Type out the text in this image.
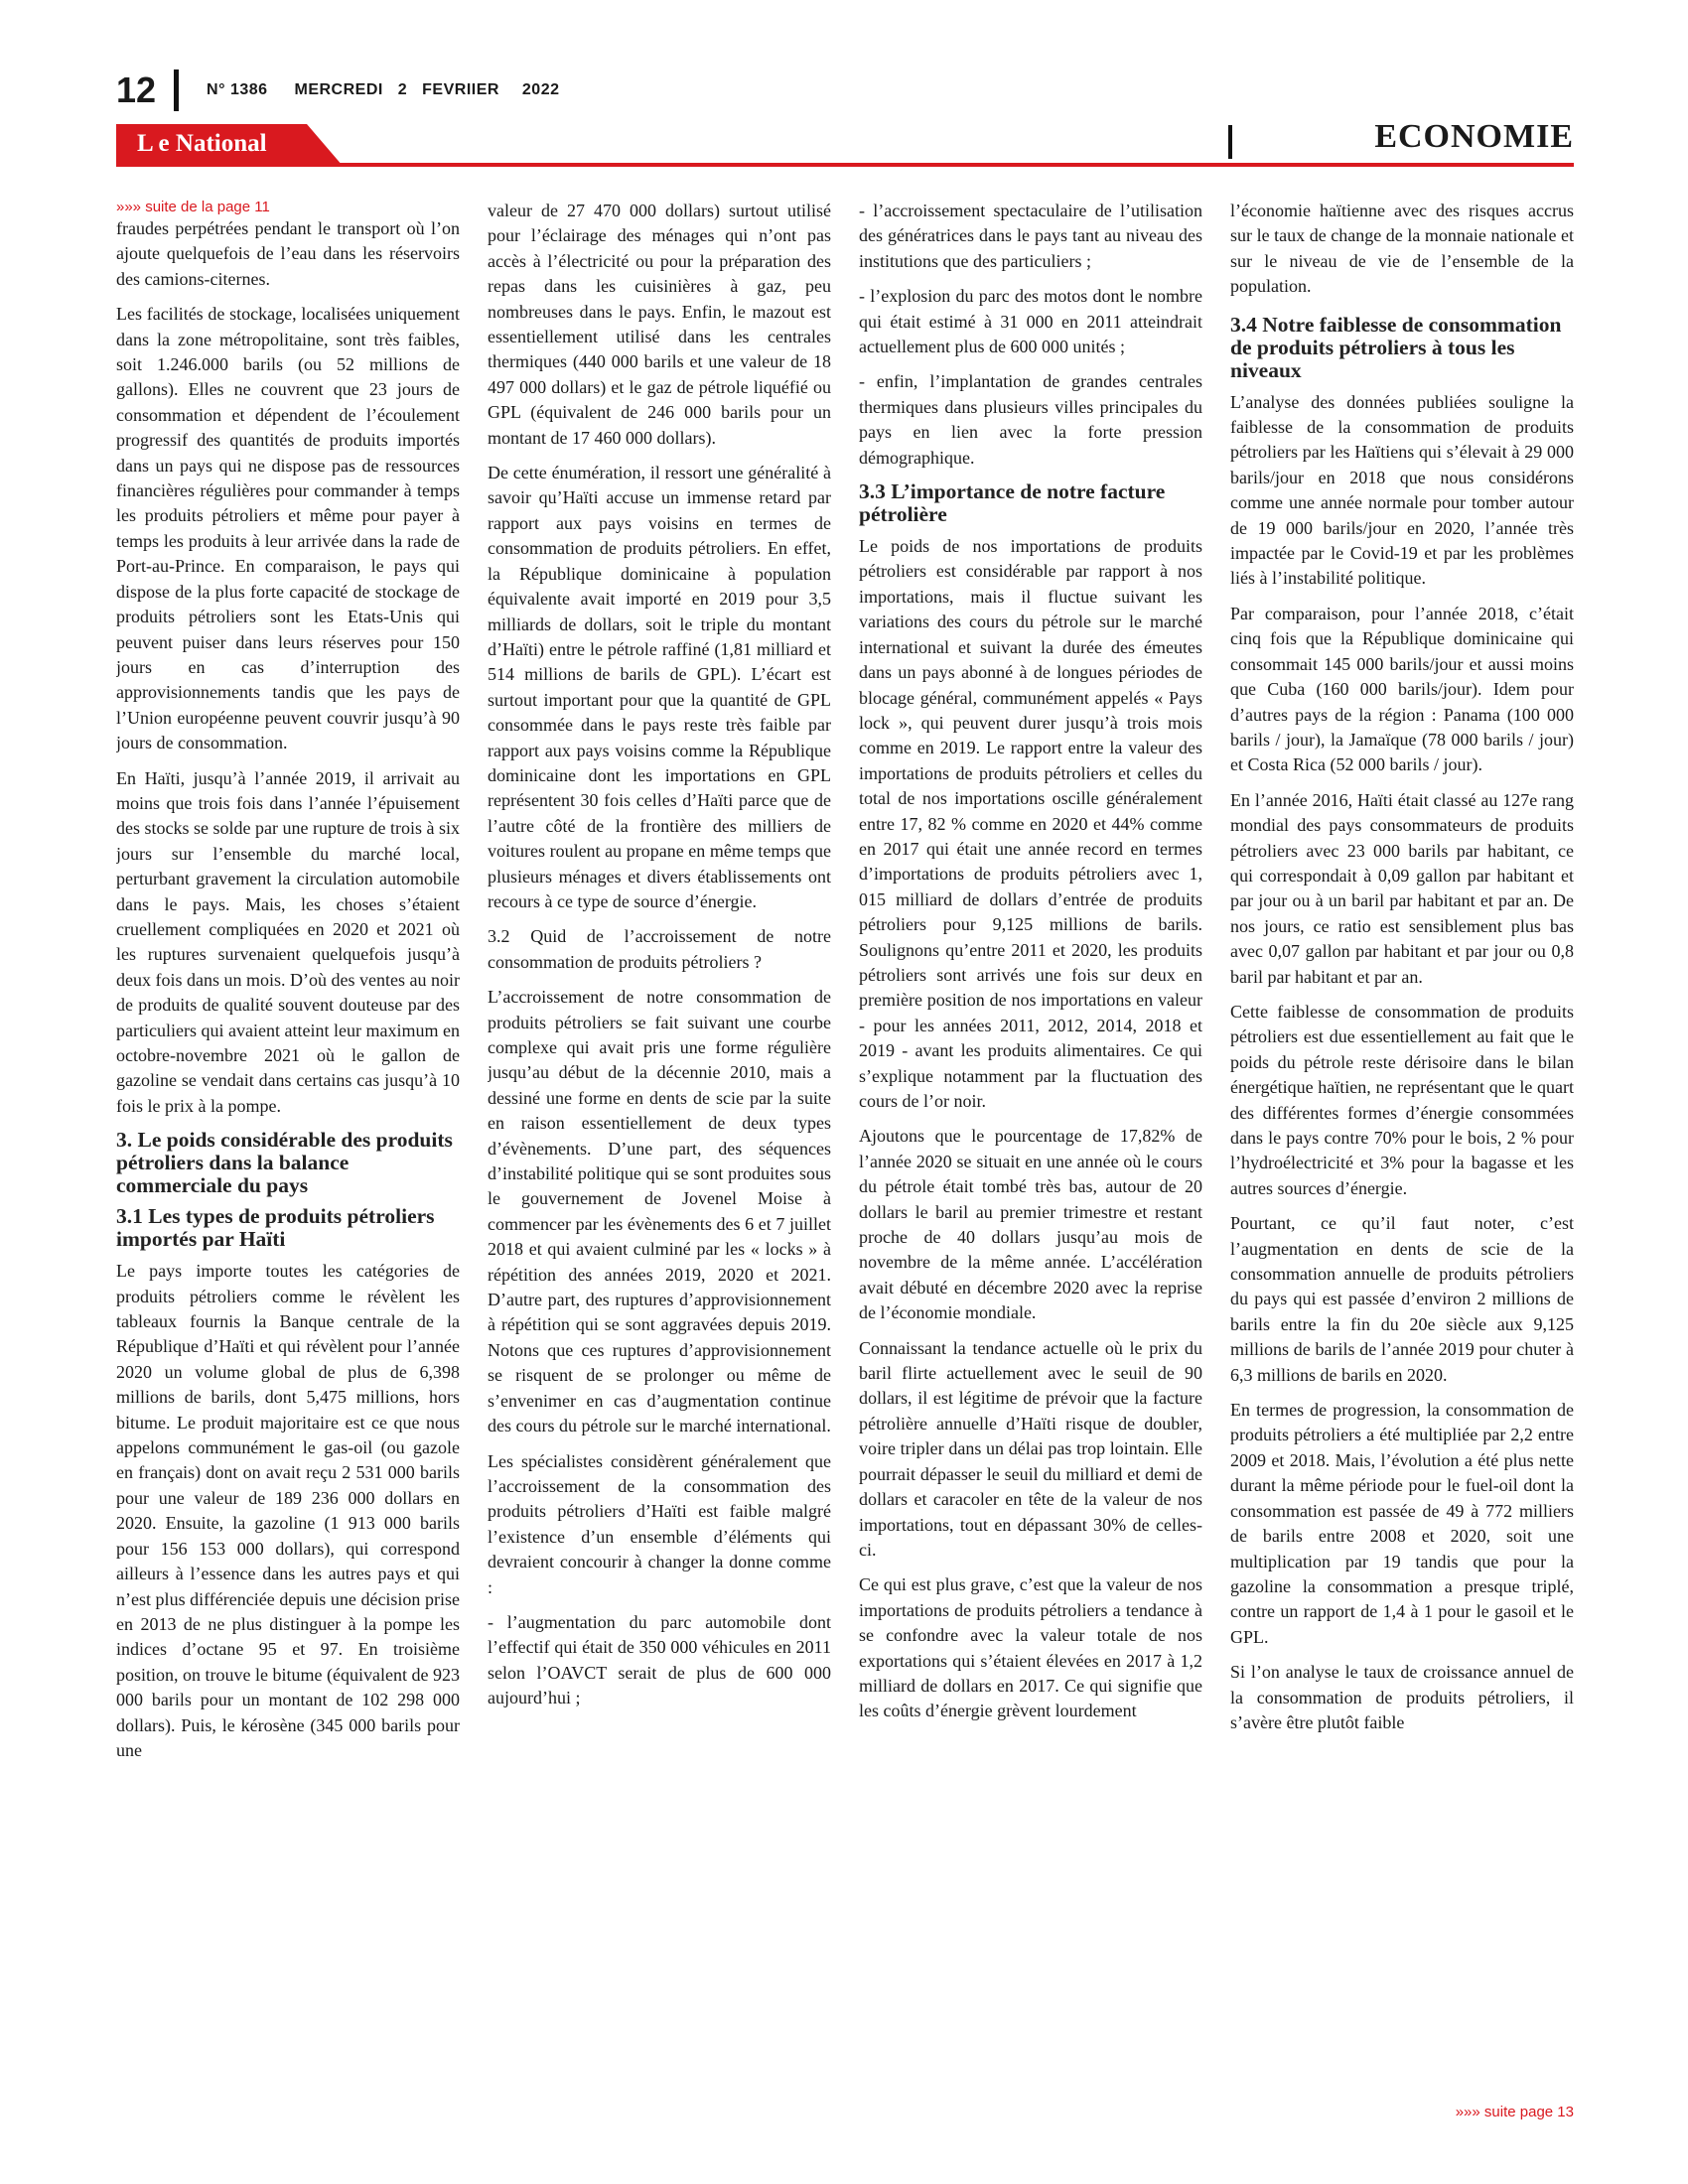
12	N° 1386 MERCREDI 2 FEVRIIER 2022
L e National	ECONOMIE
»»» suite de la page 11

fraudes perpétrées pendant le transport où l’on ajoute quelquefois de l’eau dans les réservoirs des camions-citernes.

Les facilités de stockage, localisées uniquement dans la zone métropolitaine, sont très faibles, soit 1.246.000 barils (ou 52 millions de gallons). Elles ne couvrent que 23 jours de consommation et dépendent de l’écoulement progressif des quantités de produits importés dans un pays qui ne dispose pas de ressources financières régulières pour commander à temps les produits pétroliers et même pour payer à temps les produits à leur arrivée dans la rade de Port-au-Prince. En comparaison, le pays qui dispose de la plus forte capacité de stockage de produits pétroliers sont les Etats-Unis qui peuvent puiser dans leurs réserves pour 150 jours en cas d’interruption des approvisionnements tandis que les pays de l’Union européenne peuvent couvrir jusqu’à 90 jours de consommation.

En Haïti, jusqu’à l’année 2019, il arrivait au moins que trois fois dans l’année l’épuisement des stocks se solde par une rupture de trois à six jours sur l’ensemble du marché local, perturbant gravement la circulation automobile dans le pays. Mais, les choses s’étaient cruellement compliquées en 2020 et 2021 où les ruptures survenaient quelquefois jusqu’à deux fois dans un mois. D’où des ventes au noir de produits de qualité souvent douteuse par des particuliers qui avaient atteint leur maximum en octobre-novembre 2021 où le gallon de gazoline se vendait dans certains cas jusqu’à 10 fois le prix à la pompe.

3. Le poids considérable des produits pétroliers dans la balance commerciale du pays
3.1 Les types de produits pétroliers importés par Haïti

Le pays importe toutes les catégories de produits pétroliers comme le révèlent les tableaux fournis la Banque centrale de la République d’Haïti et qui révèlent pour l’année 2020 un volume global de plus de 6,398 millions de barils, dont 5,475 millions, hors bitume. Le produit majoritaire est ce que nous appelons communément le gas-oil (ou gazole en français) dont on avait reçu 2 531 000 barils pour une valeur de 189 236 000 dollars en 2020. Ensuite, la gazoline (1 913 000 barils pour 156 153 000 dollars), qui correspond ailleurs à l’essence dans les autres pays et qui n’est plus différenciée depuis une décision prise en 2013 de ne plus distinguer à la pompe les indices d’octane 95 et 97. En troisième position, on trouve le bitume (équivalent de 923 000 barils pour un montant de 102 298 000 dollars). Puis, le kérosène (345 000 barils pour une

valeur de 27 470 000 dollars) surtout utilisé pour l’éclairage des ménages qui n’ont pas accès à l’électricité ou pour la préparation des repas dans les cuisinières à gaz, peu nombreuses dans le pays. Enfin, le mazout est essentiellement utilisé dans les centrales thermiques (440 000 barils et une valeur de 18 497 000 dollars) et le gaz de pétrole liquéfié ou GPL (équivalent de 246 000 barils pour un montant de 17 460 000 dollars).

De cette énumération, il ressort une généralité à savoir qu’Haïti accuse un immense retard par rapport aux pays voisins en termes de consommation de produits pétroliers. En effet, la République dominicaine à population équivalente avait importé en 2019 pour 3,5 milliards de dollars, soit le triple du montant d’Haïti) entre le pétrole raffiné (1,81 milliard et 514 millions de barils de GPL). L’écart est surtout important pour que la quantité de GPL consommée dans le pays reste très faible par rapport aux pays voisins comme la République dominicaine dont les importations en GPL représentent 30 fois celles d’Haïti parce que de l’autre côté de la frontière des milliers de voitures roulent au propane en même temps que plusieurs ménages et divers établissements ont recours à ce type de source d’énergie.

3.2 Quid de l’accroissement de notre consommation de produits pétroliers ?

L’accroissement de notre consommation de produits pétroliers se fait suivant une courbe complexe qui avait pris une forme régulière jusqu’au début de la décennie 2010, mais a dessiné une forme en dents de scie par la suite en raison essentiellement de deux types d’évènements. D’une part, des séquences d’instabilité politique qui se sont produites sous le gouvernement de Jovenel Moise à commencer par les évènements des 6 et 7 juillet 2018 et qui avaient culminé par les « locks » à répétition des années 2019, 2020 et 2021. D’autre part, des ruptures d’approvisionnement à répétition qui se sont aggravées depuis 2019. Notons que ces ruptures d’approvisionnement se risquent de se prolonger ou même de s’envenimer en cas d’augmentation continue des cours du pétrole sur le marché international.

Les spécialistes considèrent généralement que l’accroissement de la consommation des produits pétroliers d’Haïti est faible malgré l’existence d’un ensemble d’éléments qui devraient concourir à changer la donne comme :

- l’augmentation du parc automobile dont l’effectif qui était de 350 000 véhicules en 2011 selon l’OAVCT serait de plus de 600 000 aujourd’hui ;

- l’accroissement spectaculaire de l’utilisation des génératrices dans le pays tant au niveau des institutions que des particuliers ;

- l’explosion du parc des motos dont le nombre qui était estimé à 31 000 en 2011 atteindrait actuellement plus de 600 000 unités ;

- enfin, l’implantation de grandes centrales thermiques dans plusieurs villes principales du pays en lien avec la forte pression démographique.

3.3 L’importance de notre facture pétrolière

Le poids de nos importations de produits pétroliers est considérable par rapport à nos importations, mais il fluctue suivant les variations des cours du pétrole sur le marché international et suivant la durée des émeutes dans un pays abonné à de longues périodes de blocage général, communément appelés « Pays lock », qui peuvent durer jusqu’à trois mois comme en 2019. Le rapport entre la valeur des importations de produits pétroliers et celles du total de nos importations oscille généralement entre 17, 82 % comme en 2020 et 44% comme en 2017 qui était une année record en termes d’importations de produits pétroliers avec 1, 015 milliard de dollars d’entrée de produits pétroliers pour 9,125 millions de barils. Soulignons qu’entre 2011 et 2020, les produits pétroliers sont arrivés une fois sur deux en première position de nos importations en valeur - pour les années 2011, 2012, 2014, 2018 et 2019 - avant les produits alimentaires. Ce qui s’explique notamment par la fluctuation des cours de l’or noir.

Ajoutons que le pourcentage de 17,82% de l’année 2020 se situait en une année où le cours du pétrole était tombé très bas, autour de 20 dollars le baril au premier trimestre et restant proche de 40 dollars jusqu’au mois de novembre de la même année. L’accélération avait débuté en décembre 2020 avec la reprise de l’économie mondiale.

Connaissant la tendance actuelle où le prix du baril flirte actuellement avec le seuil de 90 dollars, il est légitime de prévoir que la facture pétrolière annuelle d’Haïti risque de doubler, voire tripler dans un délai pas trop lointain. Elle pourrait dépasser le seuil du milliard et demi de dollars et caracoler en tête de la valeur de nos importations, tout en dépassant 30% de celles-ci.

Ce qui est plus grave, c’est que la valeur de nos importations de produits pétroliers a tendance à se confondre avec la valeur totale de nos exportations qui s’étaient élevées en 2017 à 1,2 milliard de dollars en 2017. Ce qui signifie que les coûts d’énergie grèvent lourdement

l’économie haïtienne avec des risques accrus sur le taux de change de la monnaie nationale et sur le niveau de vie de l’ensemble de la population.

3.4 Notre faiblesse de consommation de produits pétroliers à tous les niveaux

L’analyse des données publiées souligne la faiblesse de la consommation de produits pétroliers par les Haïtiens qui s’élevait à 29 000 barils/jour en 2018 que nous considérons comme une année normale pour tomber autour de 19 000 barils/jour en 2020, l’année très impactée par le Covid-19 et par les problèmes liés à l’instabilité politique.

Par comparaison, pour l’année 2018, c’était cinq fois que la République dominicaine qui consommait 145 000 barils/jour et aussi moins que Cuba (160 000 barils/jour). Idem pour d’autres pays de la région : Panama (100 000 barils / jour), la Jamaïque (78 000 barils / jour) et Costa Rica (52 000 barils / jour).

En l’année 2016, Haïti était classé au 127e rang mondial des pays consommateurs de produits pétroliers avec 23 000 barils par habitant, ce qui correspondait à 0,09 gallon par habitant et par jour ou à un baril par habitant et par an. De nos jours, ce ratio est sensiblement plus bas avec 0,07 gallon par habitant et par jour ou 0,8 baril par habitant et par an.

Cette faiblesse de consommation de produits pétroliers est due essentiellement au fait que le poids du pétrole reste dérisoire dans le bilan énergétique haïtien, ne représentant que le quart des différentes formes d’énergie consommées dans le pays contre 70% pour le bois, 2 % pour l’hydroélectricité et 3% pour la bagasse et les autres sources d’énergie.

Pourtant, ce qu’il faut noter, c’est l’augmentation en dents de scie de la consommation annuelle de produits pétroliers du pays qui est passée d’environ 2 millions de barils entre la fin du 20e siècle aux 9,125 millions de barils de l’année 2019 pour chuter à 6,3 millions de barils en 2020.

En termes de progression, la consommation de produits pétroliers a été multipliée par 2,2 entre 2009 et 2018. Mais, l’évolution a été plus nette durant la même période pour le fuel-oil dont la consommation est passée de 49 à 772 milliers de barils entre 2008 et 2020, soit une multiplication par 19 tandis que pour la gazoline la consommation a presque triplé, contre un rapport de 1,4 à 1 pour le gasoil et le GPL.

Si l’on analyse le taux de croissance annuel de la consommation de produits pétroliers, il s’avère être plutôt faible

»»» suite page 13
